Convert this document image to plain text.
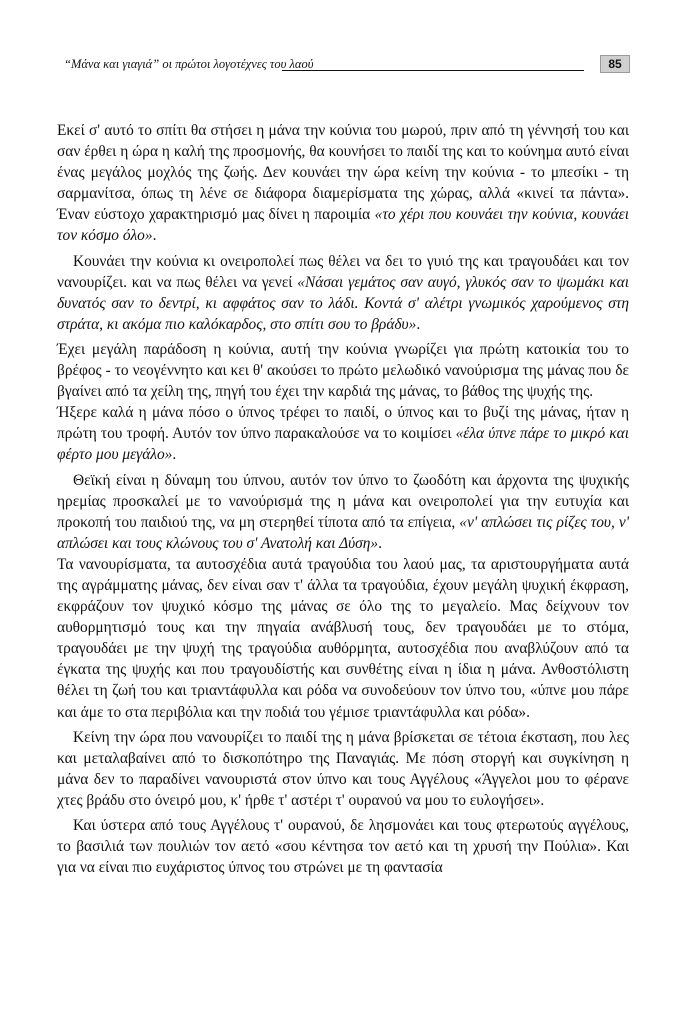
“Μάνα και γιαγιά” οι πρώτοι λογοτέχνες του λαού	85

Εκεί σ' αυτό το σπίτι θα στήσει η μάνα την κούνια του μωρού, πριν από τη γέννησή του και σαν έρθει η ώρα η καλή της προσμονής, θα κουνήσει το παιδί της και το κούνημα αυτό είναι ένας μεγάλος μοχλός της ζωής. Δεν κουνάει την ώρα κείνη την κούνια - το μπεσίκι - τη σαρμανίτσα, όπως τη λένε σε διάφορα διαμερίσματα της χώρας, αλλά «κινεί τα πάντα». Έναν εύστοχο χαρακτηρισμό μας δίνει η παροιμία «το χέρι που κουνάει την κούνια, κουνάει τον κόσμο όλο».

Κουνάει την κούνια κι ονειροπολεί πως θέλει να δει το γυιό της και τραγουδάει και τον νανουρίζει. και να πως θέλει να γενεί «Νάσαι γεμάτος σαν αυγό, γλυκός σαν το ψωμάκι και δυνατός σαν το δεντρί, κι αφφάτος σαν το λάδι. Κοντά σ' αλέτρι γνωμικός χαρούμενος στη στράτα, κι ακόμα πιο καλόκαρδος, στο σπίτι σου το βράδυ».

Έχει μεγάλη παράδοση η κούνια, αυτή την κούνια γνωρίζει για πρώτη κατοικία του το βρέφος - το νεογέννητο και κει θ' ακούσει το πρώτο μελωδικό νανούρισμα της μάνας που δε βγαίνει από τα χείλη της, πηγή του έχει την καρδιά της μάνας, το βάθος της ψυχής της.

Ήξερε καλά η μάνα πόσο ο ύπνος τρέφει το παιδί, ο ύπνος και το βυζί της μάνας, ήταν η πρώτη του τροφή. Αυτόν τον ύπνο παρακαλούσε να το κοιμίσει «έλα ύπνε πάρε το μικρό και φέρτο μου μεγάλο».

Θεϊκή είναι η δύναμη του ύπνου, αυτόν τον ύπνο το ζωοδότη και άρχοντα της ψυχικής ηρεμίας προσκαλεί με το νανούρισμά της η μάνα και ονειροπολεί για την ευτυχία και προκοπή του παιδιού της, να μη στερηθεί τίποτα από τα επίγεια, «ν' απλώσει τις ρίζες του, ν' απλώσει και τους κλώνους του σ' Ανατολή και Δύση».

Τα νανουρίσματα, τα αυτοσχέδια αυτά τραγούδια του λαού μας, τα αριστουργήματα αυτά της αγράμματης μάνας, δεν είναι σαν τ' άλλα τα τραγούδια, έχουν μεγάλη ψυχική έκφραση, εκφράζουν τον ψυχικό κόσμο της μάνας σε όλο της το μεγαλείο. Μας δείχνουν τον αυθορμητισμό τους και την πηγαία ανάβλυσή τους, δεν τραγουδάει με το στόμα, τραγουδάει με την ψυχή της τραγούδια αυθόρμητα, αυτοσχέδια που αναβλύζουν από τα έγκατα της ψυχής και που τραγουδίστής και συνθέτης είναι η ίδια η μάνα. Ανθοστόλιστη θέλει τη ζωή του και τριαντάφυλλα και ρόδα να συνοδεύουν τον ύπνο του, «ύπνε μου πάρε και άμε το στα περιβόλια και την ποδιά του γέμισε τριαντάφυλλα και ρόδα».

Κείνη την ώρα που νανουρίζει το παιδί της η μάνα βρίσκεται σε τέτοια έκσταση, που λες και μεταλαβαίνει από το δισκοπότηρο της Παναγιάς. Με πόση στοργή και συγκίνηση η μάνα δεν το παραδίνει νανουριστά στον ύπνο και τους Αγγέλους «Άγγελοι μου το φέρανε χτες βράδυ στο όνειρό μου, κ' ήρθε τ' αστέρι τ' ουρανού να μου το ευλογήσει».

Και ύστερα από τους Αγγέλους τ' ουρανού, δε λησμονάει και τους φτερωτούς αγγέλους, το βασιλιά των πουλιών τον αετό «σου κέντησα τον αετό και τη χρυσή την Πούλια». Και για να είναι πιο ευχάριστος ύπνος του στρώνει με τη φαντασία
